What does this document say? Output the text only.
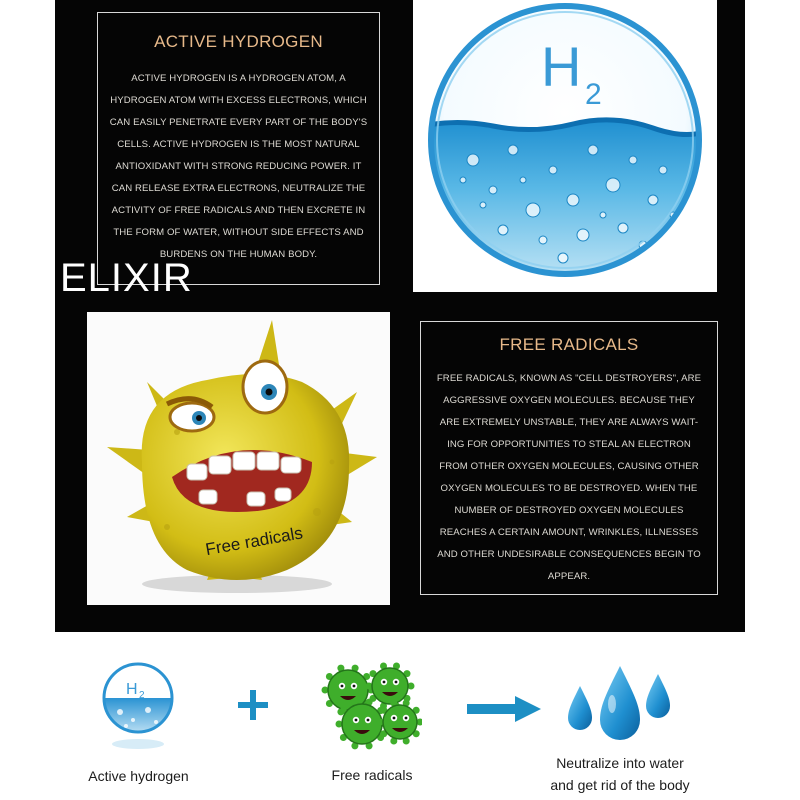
ACTIVE HYDROGEN
ACTIVE HYDROGEN IS A HYDROGEN ATOM, A
HYDROGEN ATOM WITH EXCESS ELECTRONS, WHICH
CAN EASILY PENETRATE EVERY PART OF THE BODY'S
CELLS. ACTIVE HYDROGEN IS THE MOST NATURAL
ANTIOXIDANT WITH STRONG REDUCING POWER. IT
CAN RELEASE EXTRA ELECTRONS, NEUTRALIZE THE
ACTIVITY OF FREE RADICALS AND THEN EXCRETE IN
THE FORM OF WATER, WITHOUT SIDE EFFECTS AND
BURDENS ON THE HUMAN BODY.
H 2
ELIXIR
Free radicals
FREE RADICALS
FREE RADICALS, KNOWN AS "CELL DESTROYERS", ARE
AGGRESSIVE OXYGEN MOLECULES. BECAUSE THEY
ARE EXTREMELY UNSTABLE, THEY ARE ALWAYS WAIT-
ING FOR OPPORTUNITIES TO STEAL AN ELECTRON
FROM OTHER OXYGEN MOLECULES, CAUSING OTHER
OXYGEN MOLECULES TO BE DESTROYED. WHEN THE
NUMBER OF DESTROYED OXYGEN MOLECULES
REACHES A CERTAIN AMOUNT, WRINKLES, ILLNESSES
AND OTHER UNDESIRABLE CONSEQUENCES BEGIN TO
APPEAR.
H 2
Active hydrogen	Free radicals
Neutralize into water
and get rid of the body
